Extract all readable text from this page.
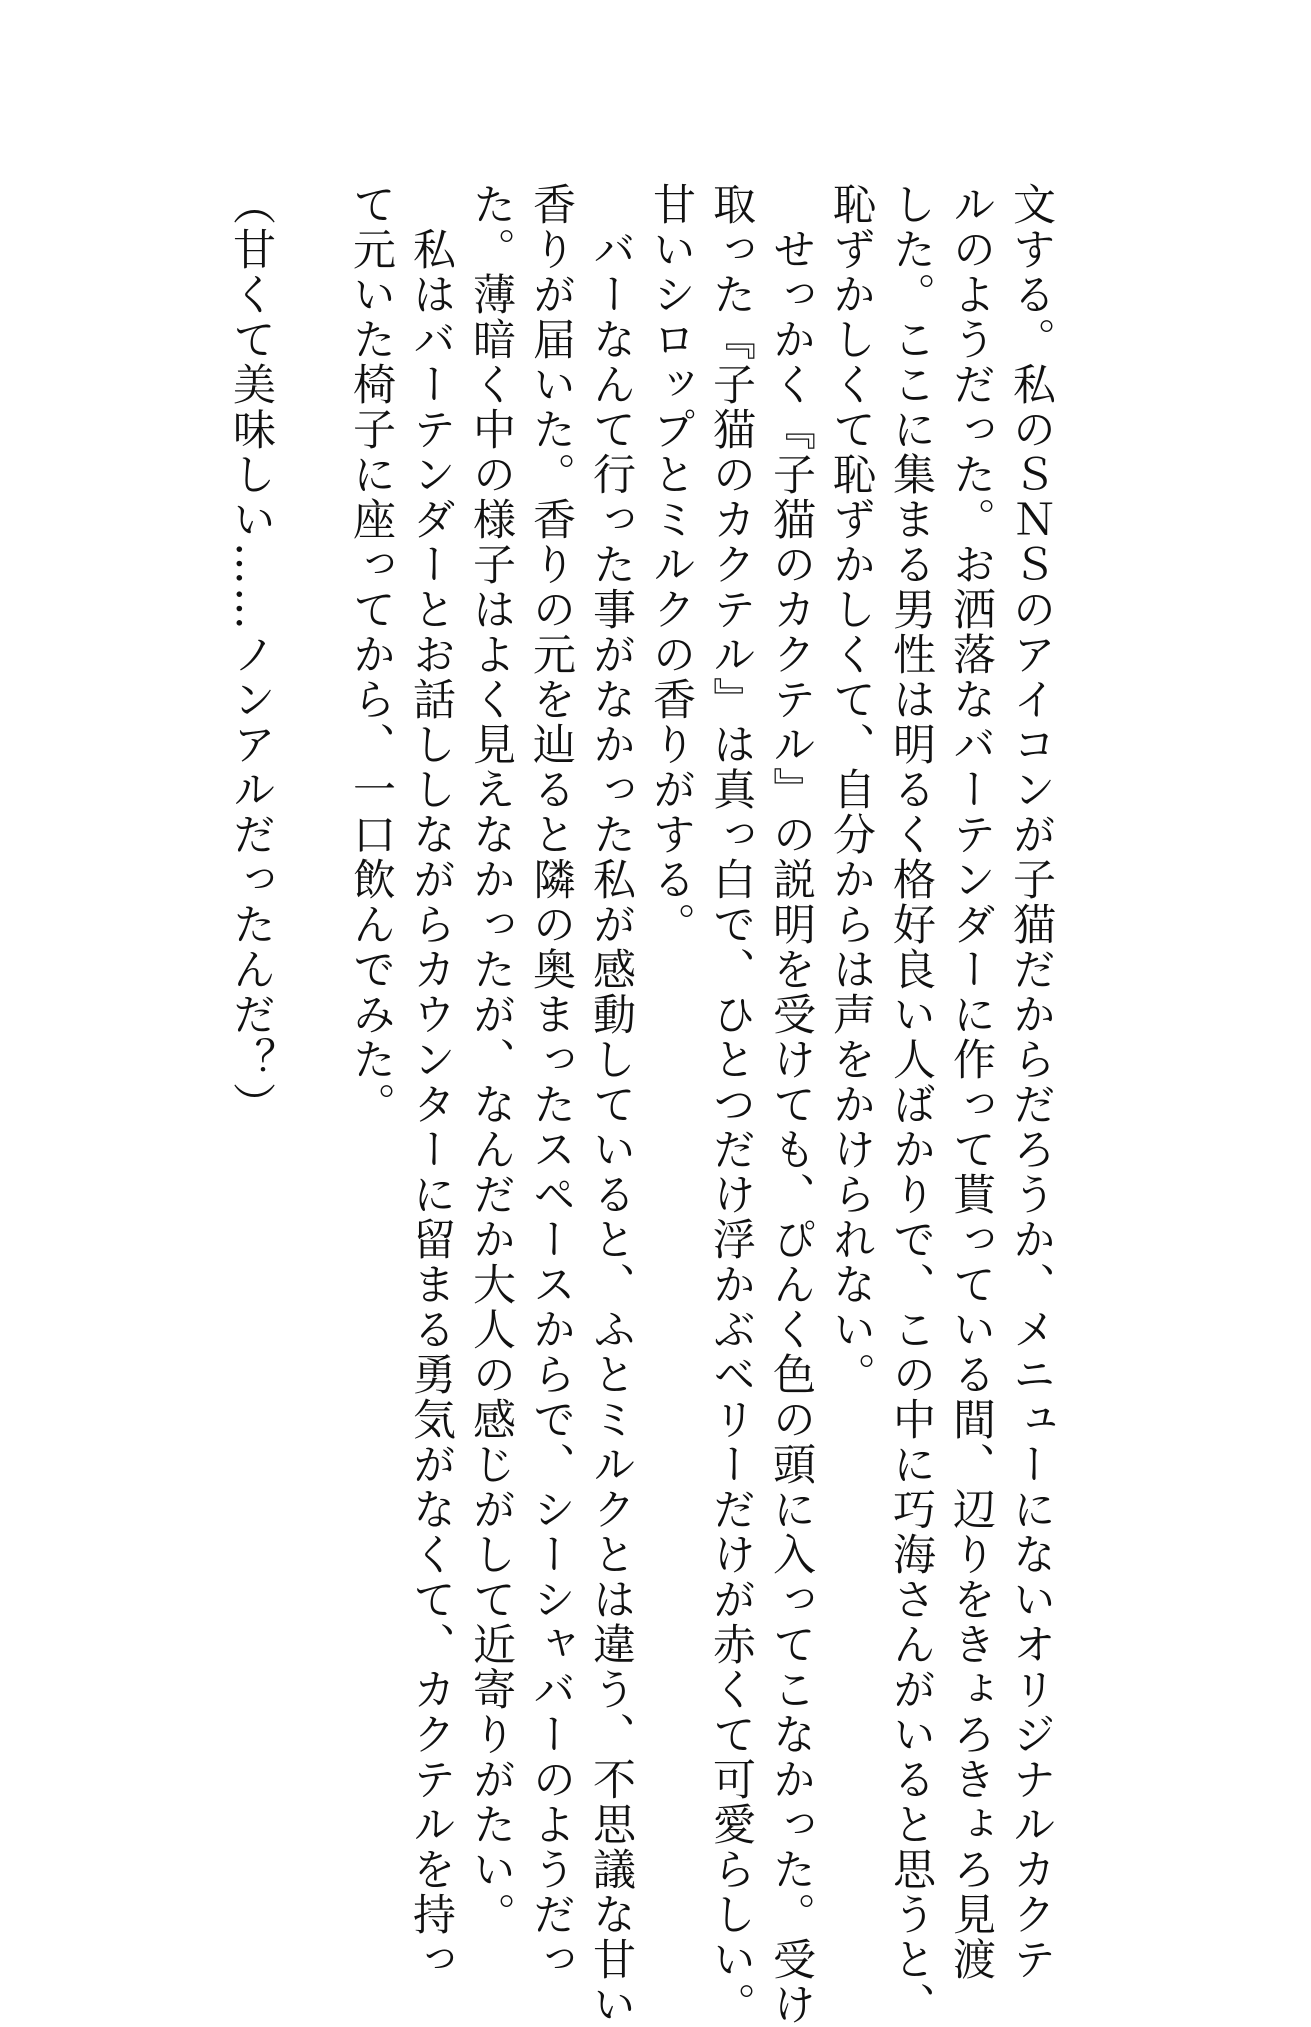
文する。私のＳＮＳのアイコンが子猫だからだろうか、メニューにないオリジナルカクテ
ルのようだった。お洒落なバーテンダーに作って貰っている間、辺りをきょろきょろ見渡
した。ここに集まる男性は明るく格好良い人ばかりで、この中に巧海さんがいると思うと、
恥ずかしくて恥ずかしくて、自分からは声をかけられない。

　せっかく『子猫のカクテル』の説明を受けても、ぴんく色の頭に入ってこなかった。受け
取った『子猫のカクテル』は真っ白で、ひとつだけ浮かぶベリーだけが赤くて可愛らしい。
甘いシロップとミルクの香りがする。

　バーなんて行った事がなかった私が感動していると、ふとミルクとは違う、不思議な甘い
香りが届いた。香りの元を辿ると隣の奥まったスペースからで、シーシャバーのようだっ
た。薄暗く中の様子はよく見えなかったが、なんだか大人の感じがして近寄りがたい。

　私はバーテンダーとお話ししながらカウンターに留まる勇気がなくて、カクテルを持っ
て元いた椅子に座ってから、一口飲んでみた。

（甘くて美味しい……ノンアルだったんだ？）
